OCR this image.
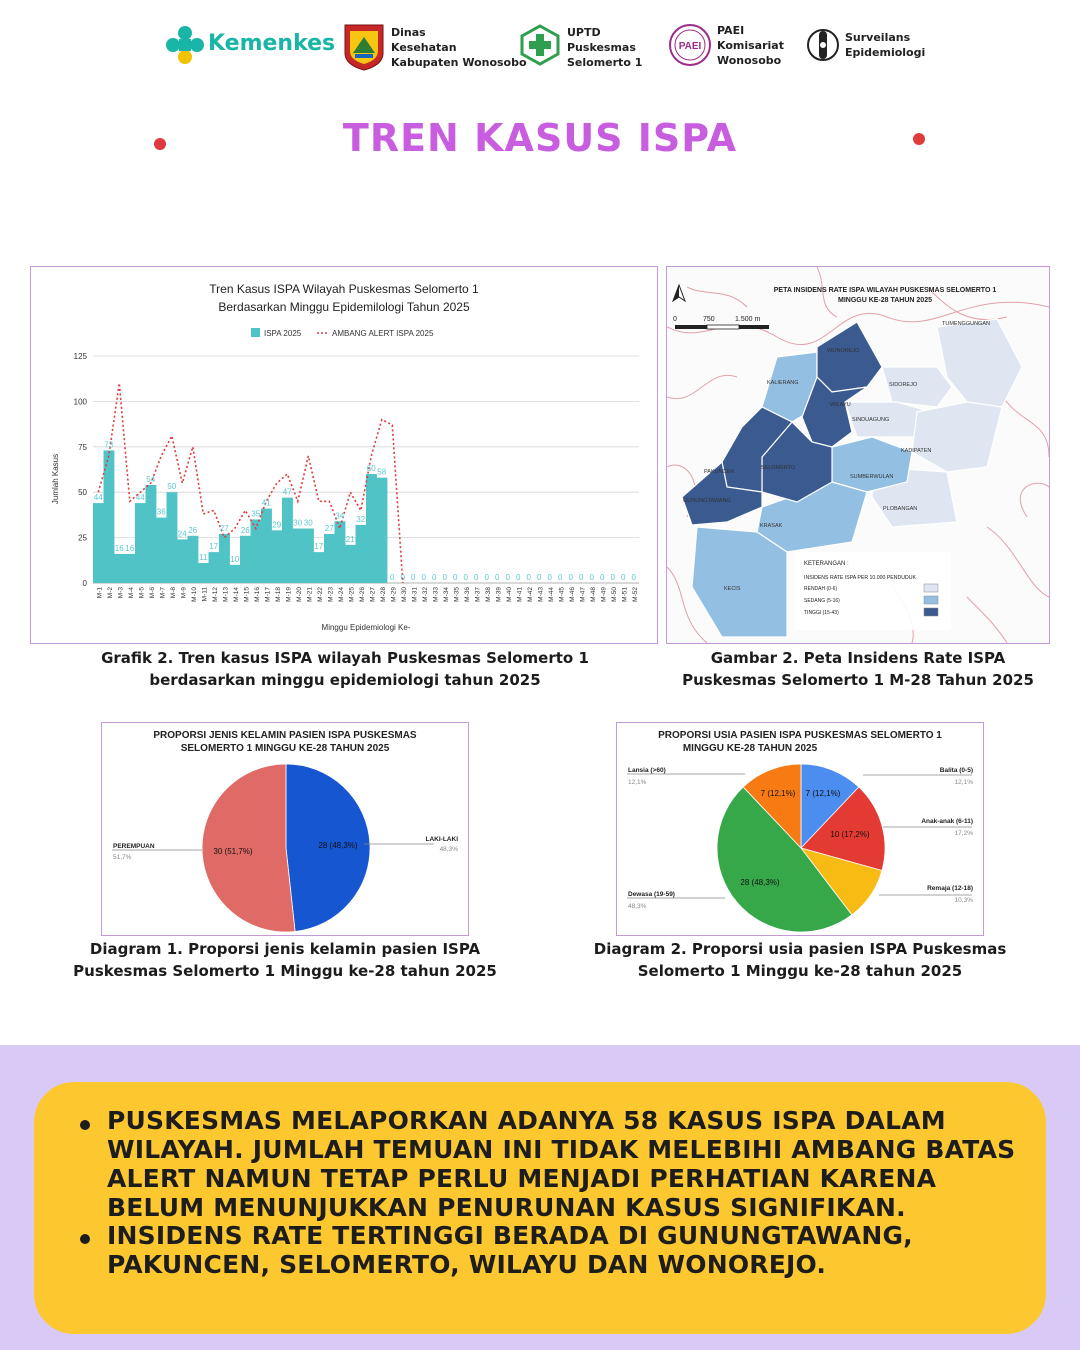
Kemenkes	Dinas
Kesehatan
Kabupaten Wonosobo
UPTD
Puskesmas
Selomerto 1
PAEI
PAEI
Komisariat
Wonosobo
Surveilans
Epidemiologi
TREN KASUS ISPA
Tren Kasus ISPA Wilayah Puskesmas Selomerto 1
Berdasarkan Minggu Epidemilologi Tahun 2025
ISPA 2025	AMBANG ALERT ISPA 2025
Jumlah Kasus
Minggu Epidemiologi Ke-
0
25
50
75
100
125
44
73
16 16
44
54
36
50
24 26
11
17
27
10
26
35
41
29
47
30 30
17
27
34
21
32
60 58
0 0 0 0 0 0 0 0 0 0 0 0 0 0 0 0 0 0 0 0 0 0 0 0
M-1 M-2 M-3 M-4 M-5 M-6 M-7 M-8 M-9 M-10 M-11 M-12 M-13 M-14 M-15 M-16 M-17 M-18 M-19 M-20 M-21 M-22 M-23 M-24 M-25 M-26 M-27 M-28 M-29 M-30 M-31 M-32 M-33 M-34 M-35 M-36 M-37 M-38 M-39 M-40 M-41 M-42 M-43 M-44 M-45 M-46 M-47 M-48 M-49 M-50 M-51 M-52
WONOREJO
TUMENGGUNGAN
KALIERANG	SIDOREJO
WILAYU
SINDUAGUNG
KADIPATEN
SELOMERTO
PAKUNCEN
SUMBERWULAN
GUNUNGTAWANG
PLOBANGAN
KRASAK
KECIS
PETA INSIDENS RATE ISPA WILAYAH PUSKESMAS SELOMERTO 1
MINGGU KE-28 TAHUN 2025
0	750	1.500 m
KETERANGAN :
INSIDENS RATE ISPA PER 10.000 PENDUDUK
RENDAH (0-6)
SEDANG (5-16)
TINGGI (15-43)
Grafik 2. Tren kasus ISPA wilayah Puskesmas Selomerto 1
berdasarkan minggu epidemiologi tahun 2025
Gambar 2. Peta Insidens Rate ISPA
Puskesmas Selomerto 1 M-28 Tahun 2025
PROPORSI JENIS KELAMIN PASIEN ISPA PUSKESMAS
SELOMERTO 1 MINGGU KE-28 TAHUN 2025
LAKI-LAKI
48,3%
PEREMPUAN
51,7%
28 (48,3%)
30 (51,7%)
PROPORSI USIA PASIEN ISPA PUSKESMAS SELOMERTO 1
MINGGU KE-28 TAHUN 2025
Balita (0-5)
12,1%
Anak-anak (6-11)
17,2%
Remaja (12-18)
10,3%
Dewasa (19-59)
48,3%
Lansia (>60)
12,1%
7 (12,1%)
10 (17,2%)
28 (48,3%)
7 (12,1%)
Diagram 1. Proporsi jenis kelamin pasien ISPA
Puskesmas Selomerto 1 Minggu ke-28 tahun 2025
Diagram 2. Proporsi usia pasien ISPA Puskesmas
Selomerto 1 Minggu ke-28 tahun 2025
PUSKESMAS MELAPORKAN ADANYA 58 KASUS ISPA DALAM
WILAYAH. JUMLAH TEMUAN INI TIDAK MELEBIHI AMBANG BATAS
ALERT NAMUN TETAP PERLU MENJADI PERHATIAN KARENA
BELUM MENUNJUKKAN PENURUNAN KASUS SIGNIFIKAN.
INSIDENS RATE TERTINGGI BERADA DI GUNUNGTAWANG,
PAKUNCEN, SELOMERTO, WILAYU DAN WONOREJO.
